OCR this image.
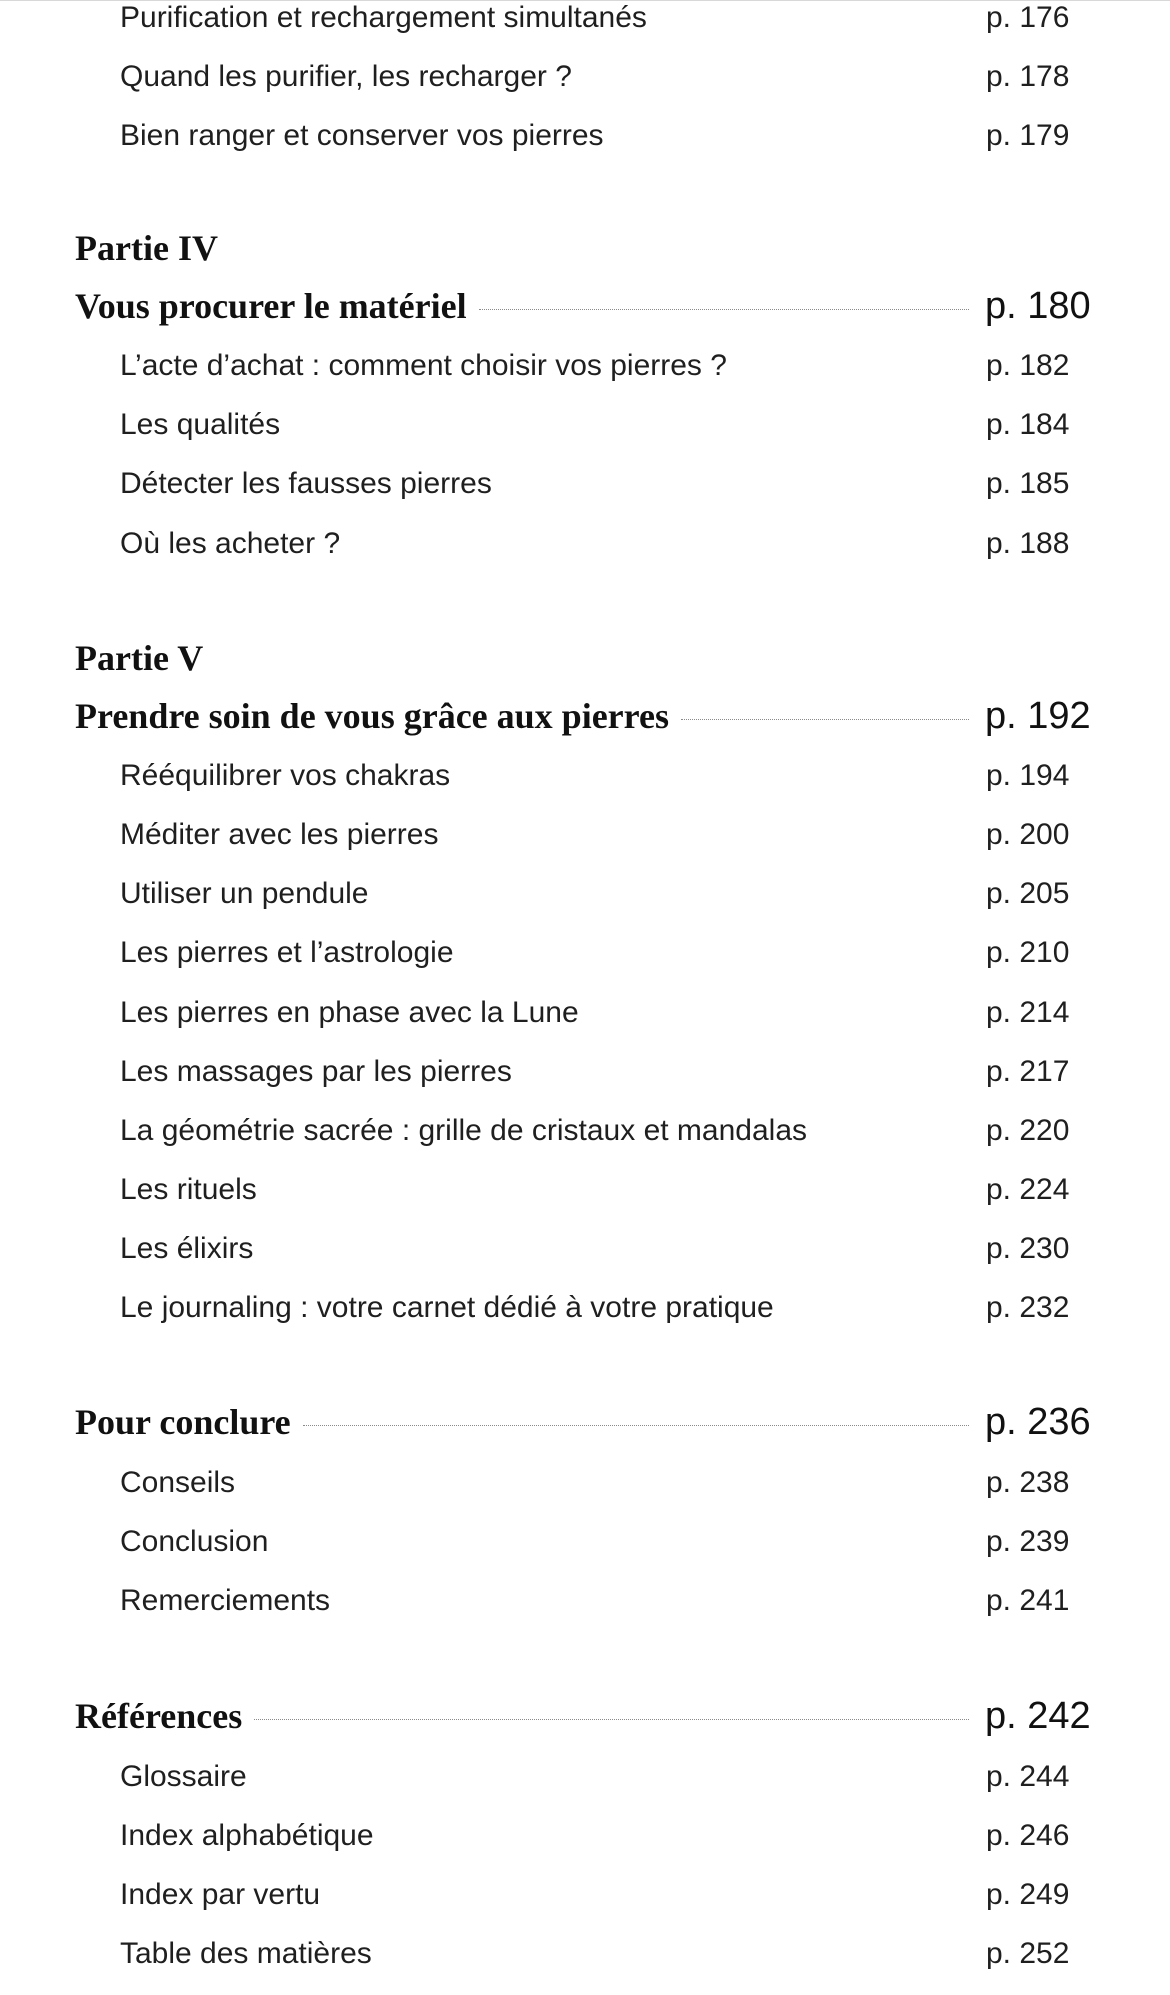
Purification et rechargement simultanés	p. 176
Quand les purifier, les recharger ?	p. 178
Bien ranger et conserver vos pierres	p. 179
Partie IV
Vous procurer le matériel	p. 180
L’acte d’achat : comment choisir vos pierres ?	p. 182
Les qualités	p. 184
Détecter les fausses pierres	p. 185
Où les acheter ?	p. 188
Partie V
Prendre soin de vous grâce aux pierres	p. 192
Rééquilibrer vos chakras	p. 194
Méditer avec les pierres	p. 200
Utiliser un pendule	p. 205
Les pierres et l’astrologie	p. 210
Les pierres en phase avec la Lune	p. 214
Les massages par les pierres	p. 217
La géométrie sacrée : grille de cristaux et mandalas	p. 220
Les rituels	p. 224
Les élixirs	p. 230
Le journaling : votre carnet dédié à votre pratique	p. 232
Pour conclure	p. 236
Conseils	p. 238
Conclusion	p. 239
Remerciements	p. 241
Références	p. 242
Glossaire	p. 244
Index alphabétique	p. 246
Index par vertu	p. 249
Table des matières	p. 252
